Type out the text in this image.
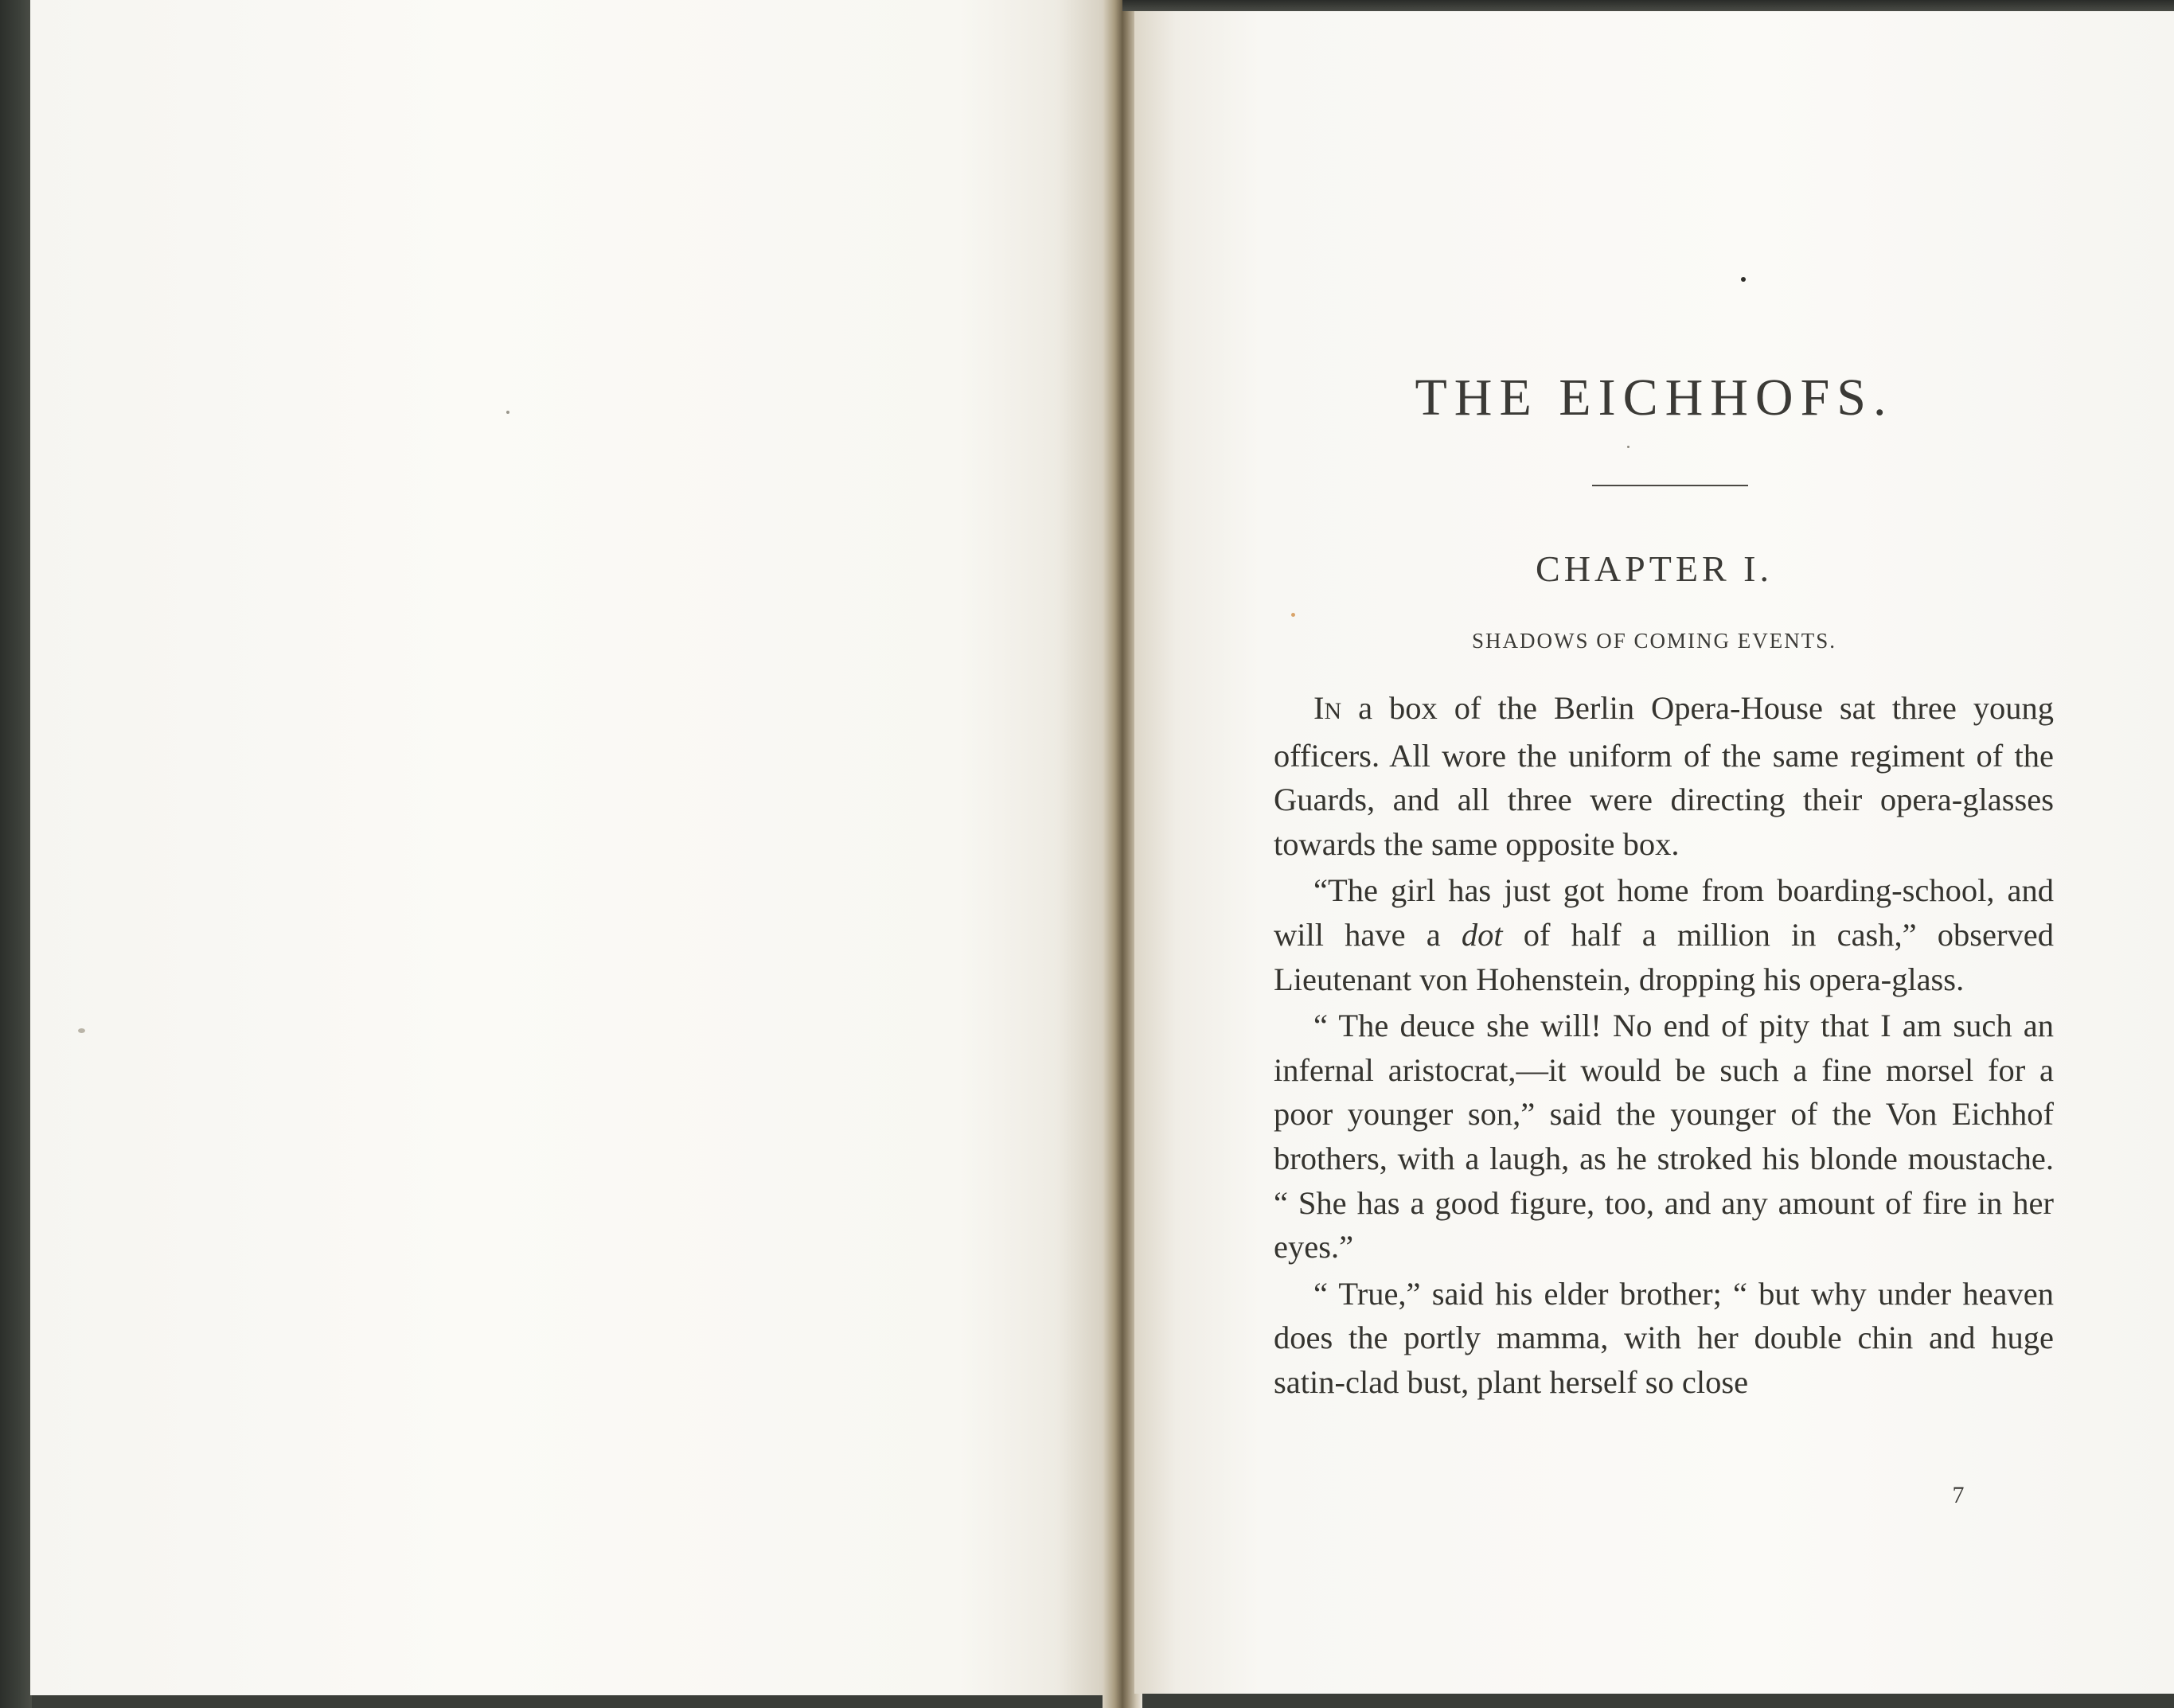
THE EICHHOFS.
CHAPTER I.
SHADOWS OF COMING EVENTS.

IN a box of the Berlin Opera-House sat three young officers. All wore the uniform of the same regiment of the Guards, and all three were directing their opera-glasses towards the same opposite box.

“The girl has just got home from boarding-school, and will have a dot of half a million in cash,” observed Lieutenant von Hohenstein, dropping his opera-glass.

“ The deuce she will! No end of pity that I am such an infernal aristocrat,—it would be such a fine morsel for a poor younger son,” said the younger of the Von Eichhof brothers, with a laugh, as he stroked his blonde moustache. “ She has a good figure, too, and any amount of fire in her eyes.”

“ True,” said his elder brother; “ but why under heaven does the portly mamma, with her double chin and huge satin-clad bust, plant herself so close

7
